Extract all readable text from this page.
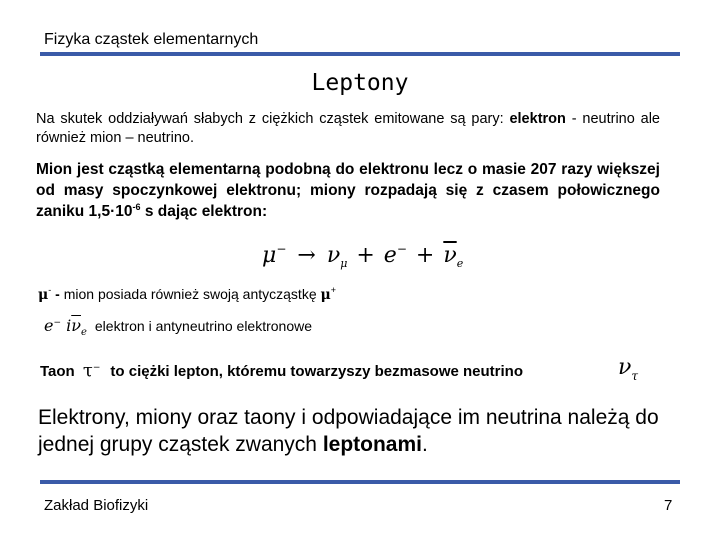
Fizyka cząstek elementarnych
Leptony
Na skutek oddziaływań słabych z ciężkich cząstek emitowane są pary: elektron - neutrino ale również mion – neutrino.
Mion jest cząstką elementarną podobną do elektronu lecz o masie 207 razy większej od masy spoczynkowej elektronu; miony rozpadają się z czasem połowicznego zaniku $1,5\cdot 10^{-6}$ s dając elektron:
$\mu^- \to \nu_\mu + e^- + \overline{\nu}_e$
μ- - mion posiada również swoją antycząstkę μ+
e− $i\overline{\nu}_e$ elektron i antyneutrino elektronowe
Taon τ− to ciężki lepton, któremu towarzyszy bezmasowe neutrino	$\nu_\tau$
Elektrony, miony oraz taony i odpowiadające im neutrina należą do jednej grupy cząstek zwanych leptonami.
Zakład Biofizyki	7
